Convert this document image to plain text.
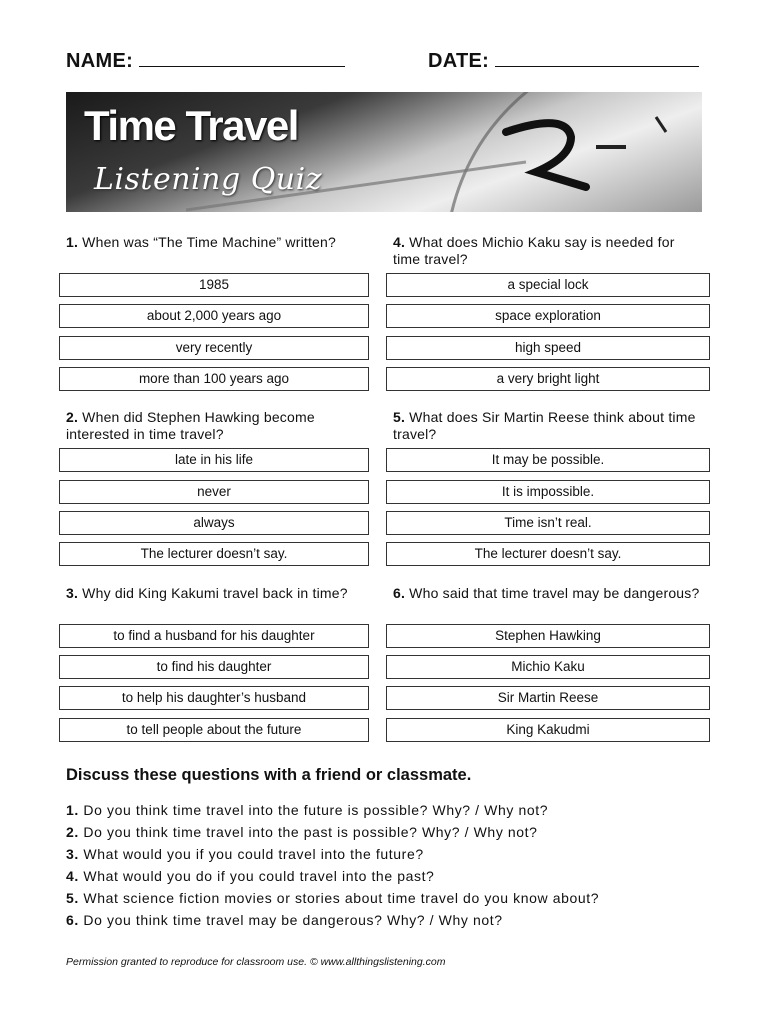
NAME:	DATE:
Time Travel
Listening Quiz
1. When was “The Time Machine” written?
1985
about 2,000 years ago
very recently
more than 100 years ago
2. When did Stephen Hawking become interested in time travel?
late in his life
never
always
The lecturer doesn’t say.
3. Why did King Kakumi travel back in time?
to find a husband for his daughter
to find his daughter
to help his daughter’s husband
to tell people about the future
4. What does Michio Kaku say is needed for time travel?
a special lock
space exploration
high speed
a very bright light
5. What does Sir Martin Reese think about time travel?
It may be possible.
It is impossible.
Time isn’t real.
The lecturer doesn’t say.
6. Who said that time travel may be dangerous?
Stephen Hawking
Michio Kaku
Sir Martin Reese
King Kakudmi
Discuss these questions with a friend or classmate.
1. Do you think time travel into the future is possible? Why? / Why not?
2. Do you think time travel into the past is possible? Why? / Why not?
3. What would you if you could travel into the future?
4. What would you do if you could travel into the past?
5. What science fiction movies or stories about time travel do you know about?
6. Do you think time travel may be dangerous? Why? / Why not?
Permission granted to reproduce for classroom use. © www.allthingslistening.com
